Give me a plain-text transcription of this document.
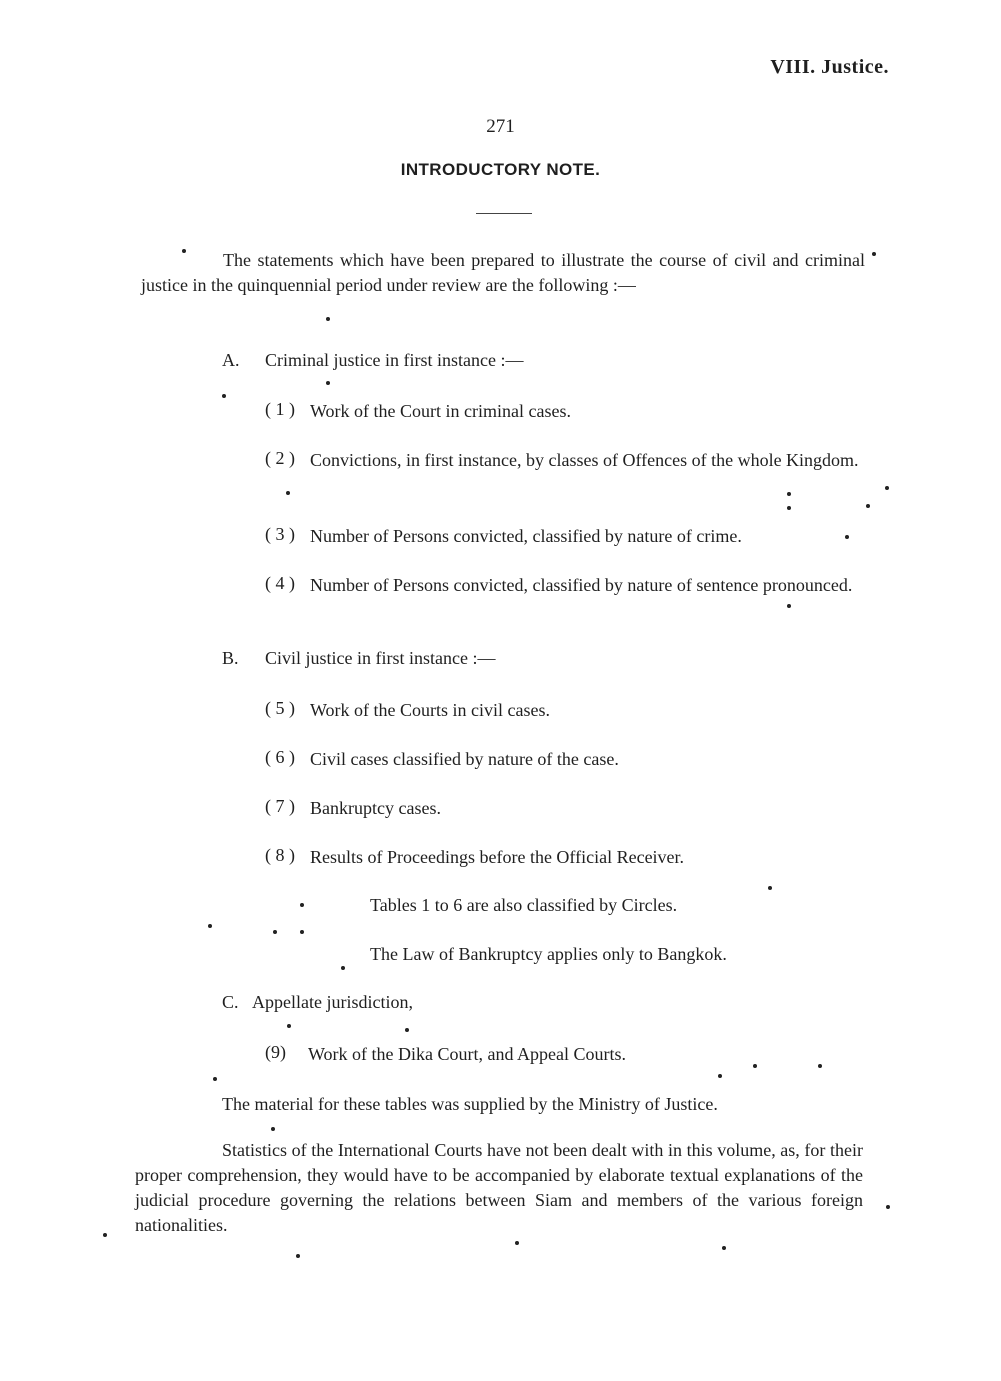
VIII. Justice.
271
INTRODUCTORY NOTE.
The statements which have been prepared to illustrate the course of civil and criminal justice in the quinquennial period under review are the following :—
A. Criminal justice in first instance :—
( 1 ) Work of the Court in criminal cases.
( 2 ) Convictions, in first instance, by classes of Offences of the whole Kingdom.
( 3 ) Number of Persons convicted, classified by nature of crime.
( 4 ) Number of Persons convicted, classified by nature of sentence pronounced.
B. Civil justice in first instance :—
( 5 ) Work of the Courts in civil cases.
( 6 ) Civil cases classified by nature of the case.
( 7 ) Bankruptcy cases.
( 8 ) Results of Proceedings before the Official Receiver.
Tables 1 to 6 are also classified by Circles.
The Law of Bankruptcy applies only to Bangkok.
C. Appellate jurisdiction,
(9) Work of the Dika Court, and Appeal Courts.
The material for these tables was supplied by the Ministry of Justice.
Statistics of the International Courts have not been dealt with in this volume, as, for their proper comprehension, they would have to be accompanied by elaborate textual explanations of the judicial procedure governing the relations between Siam and members of the various foreign nationalities.
